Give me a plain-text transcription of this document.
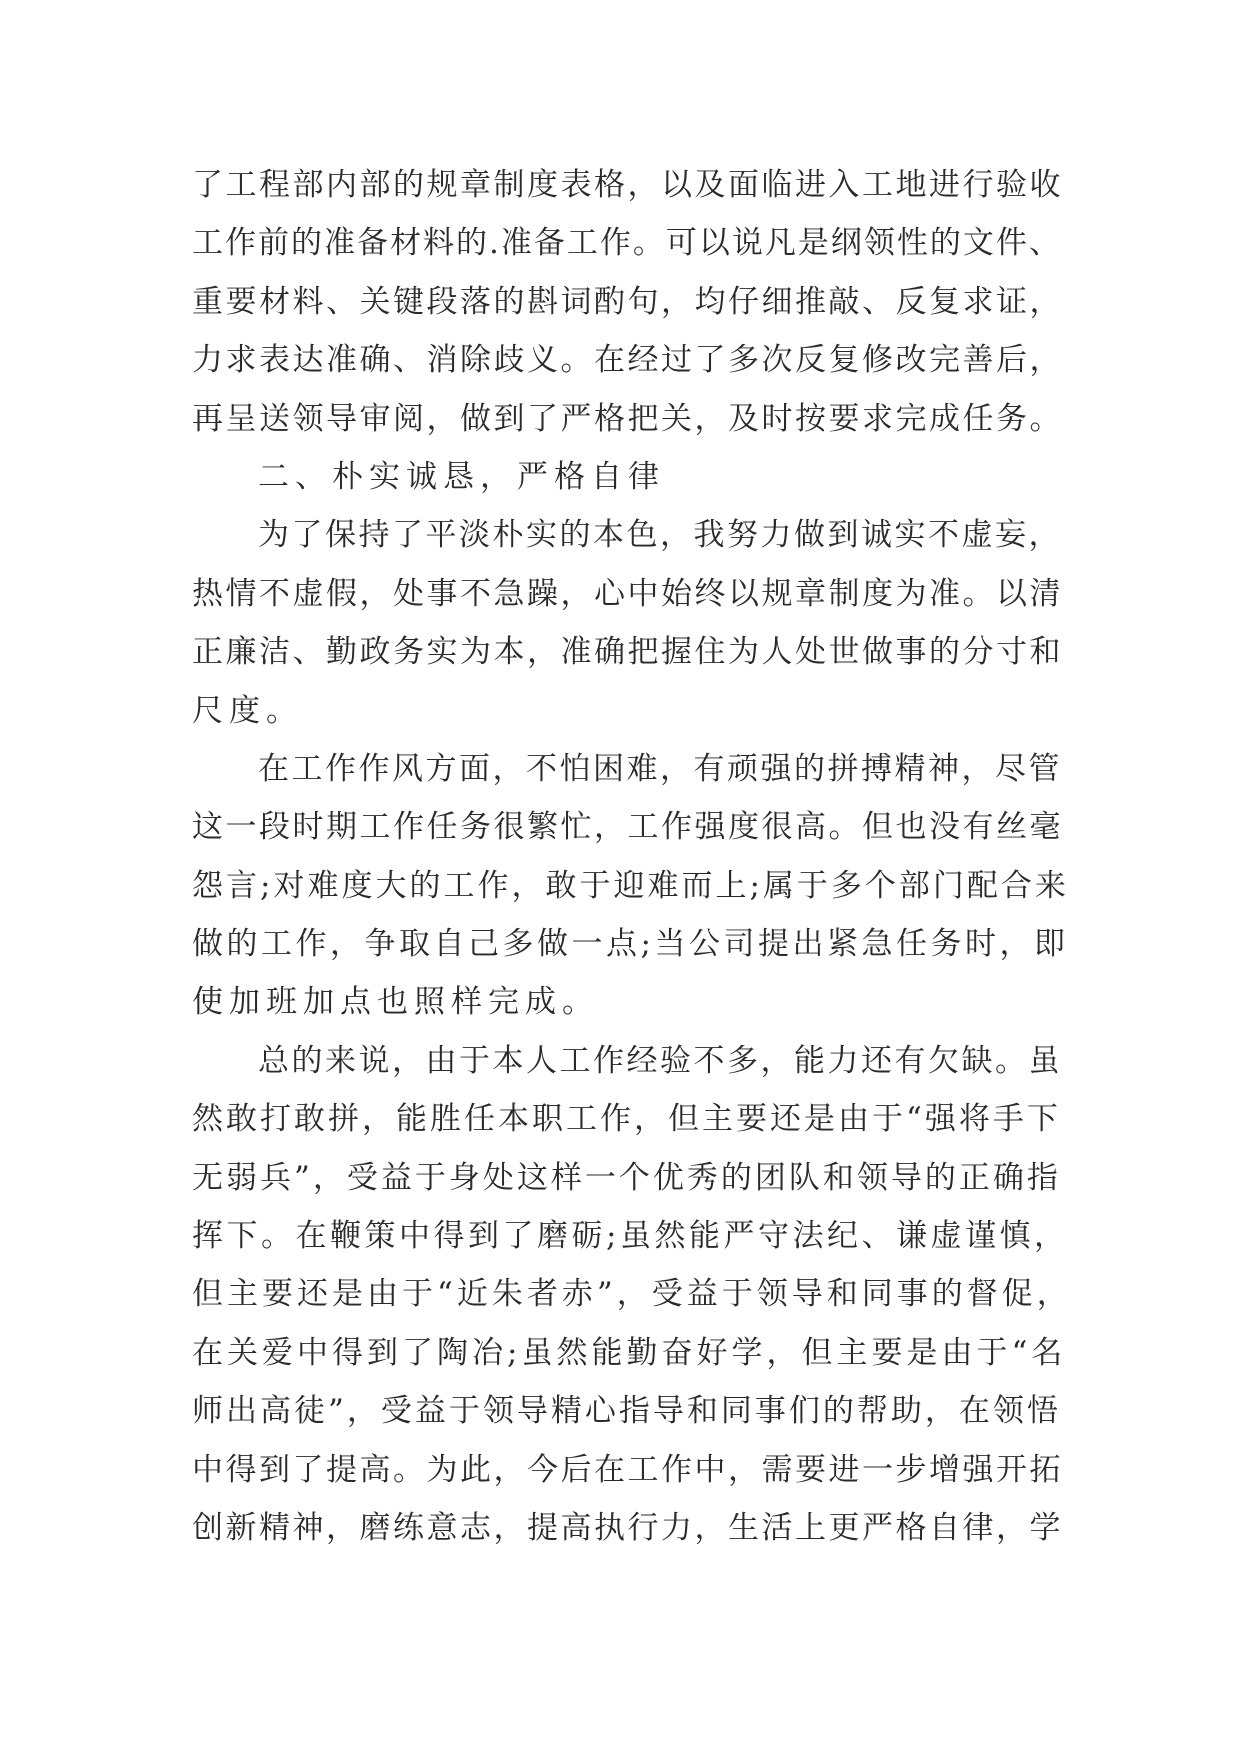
了工程部内部的规章制度表格，以及面临进入工地进行验收
工作前的准备材料的.准备工作。可以说凡是纲领性的文件、
重要材料、关键段落的斟词酌句，均仔细推敲、反复求证，
力求表达准确、消除歧义。在经过了多次反复修改完善后，
再呈送领导审阅，做到了严格把关，及时按要求完成任务。
二、朴实诚恳，严格自律
为了保持了平淡朴实的本色，我努力做到诚实不虚妄，
热情不虚假，处事不急躁，心中始终以规章制度为准。以清
正廉洁、勤政务实为本，准确把握住为人处世做事的分寸和
尺度。
在工作作风方面，不怕困难，有顽强的拼搏精神，尽管
这一段时期工作任务很繁忙，工作强度很高。但也没有丝毫
怨言;对难度大的工作，敢于迎难而上;属于多个部门配合来
做的工作，争取自己多做一点;当公司提出紧急任务时，即
使加班加点也照样完成。
总的来说，由于本人工作经验不多，能力还有欠缺。虽
然敢打敢拼，能胜任本职工作，但主要还是由于“强将手下
无弱兵”，受益于身处这样一个优秀的团队和领导的正确指
挥下。在鞭策中得到了磨砺;虽然能严守法纪、谦虚谨慎，
但主要还是由于“近朱者赤”，受益于领导和同事的督促，
在关爱中得到了陶冶;虽然能勤奋好学，但主要是由于“名
师出高徒”，受益于领导精心指导和同事们的帮助，在领悟
中得到了提高。为此，今后在工作中，需要进一步增强开拓
创新精神，磨练意志，提高执行力，生活上更严格自律，学
